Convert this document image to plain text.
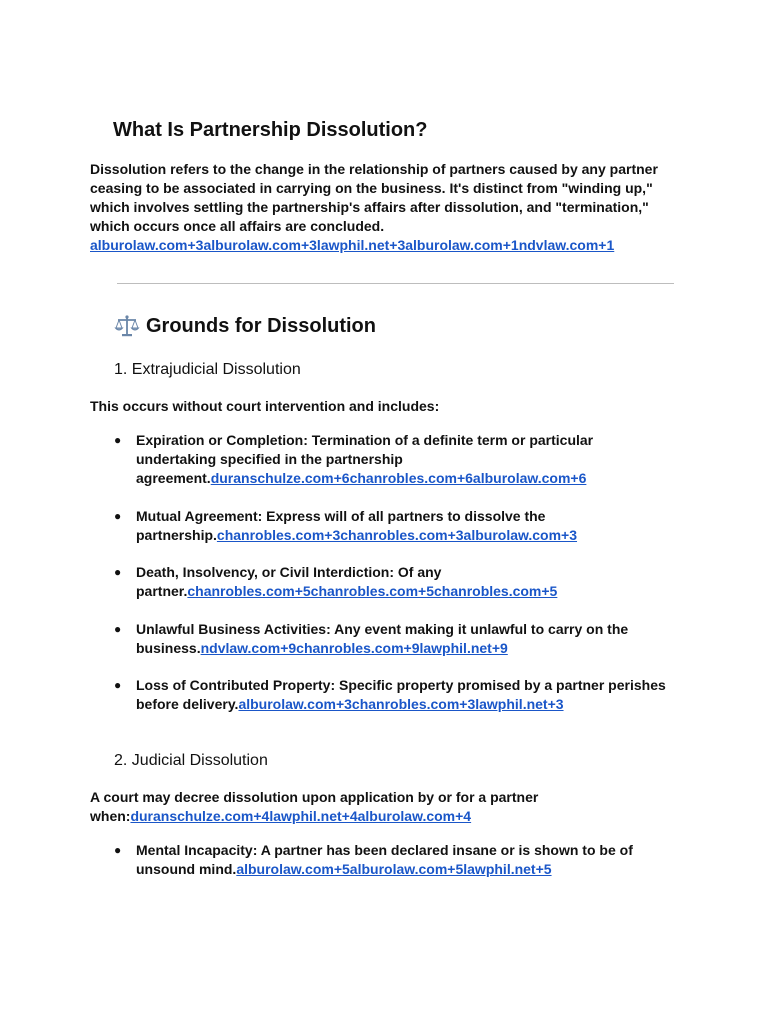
What Is Partnership Dissolution?

Dissolution refers to the change in the relationship of partners caused by any partner ceasing to be associated in carrying on the business. It's distinct from "winding up," which involves settling the partnership's affairs after dissolution, and "termination," which occurs once all affairs are concluded.
alburolaw.com+3alburolaw.com+3lawphil.net+3alburolaw.com+1ndvlaw.com+1

Grounds for Dissolution
1. Extrajudicial Dissolution

This occurs without court intervention and includes:

●	Expiration or Completion: Termination of a definite term or particular undertaking specified in the partnership agreement.duranschulze.com+6chanrobles.com+6alburolaw.com+6
●	Mutual Agreement: Express will of all partners to dissolve the partnership.chanrobles.com+3chanrobles.com+3alburolaw.com+3
●	Death, Insolvency, or Civil Interdiction: Of any partner.chanrobles.com+5chanrobles.com+5chanrobles.com+5
●	Unlawful Business Activities: Any event making it unlawful to carry on the business.ndvlaw.com+9chanrobles.com+9lawphil.net+9
●	Loss of Contributed Property: Specific property promised by a partner perishes before delivery.alburolaw.com+3chanrobles.com+3lawphil.net+3
2. Judicial Dissolution

A court may decree dissolution upon application by or for a partner when:duranschulze.com+4lawphil.net+4alburolaw.com+4

●	Mental Incapacity: A partner has been declared insane or is shown to be of unsound mind.alburolaw.com+5alburolaw.com+5lawphil.net+5
